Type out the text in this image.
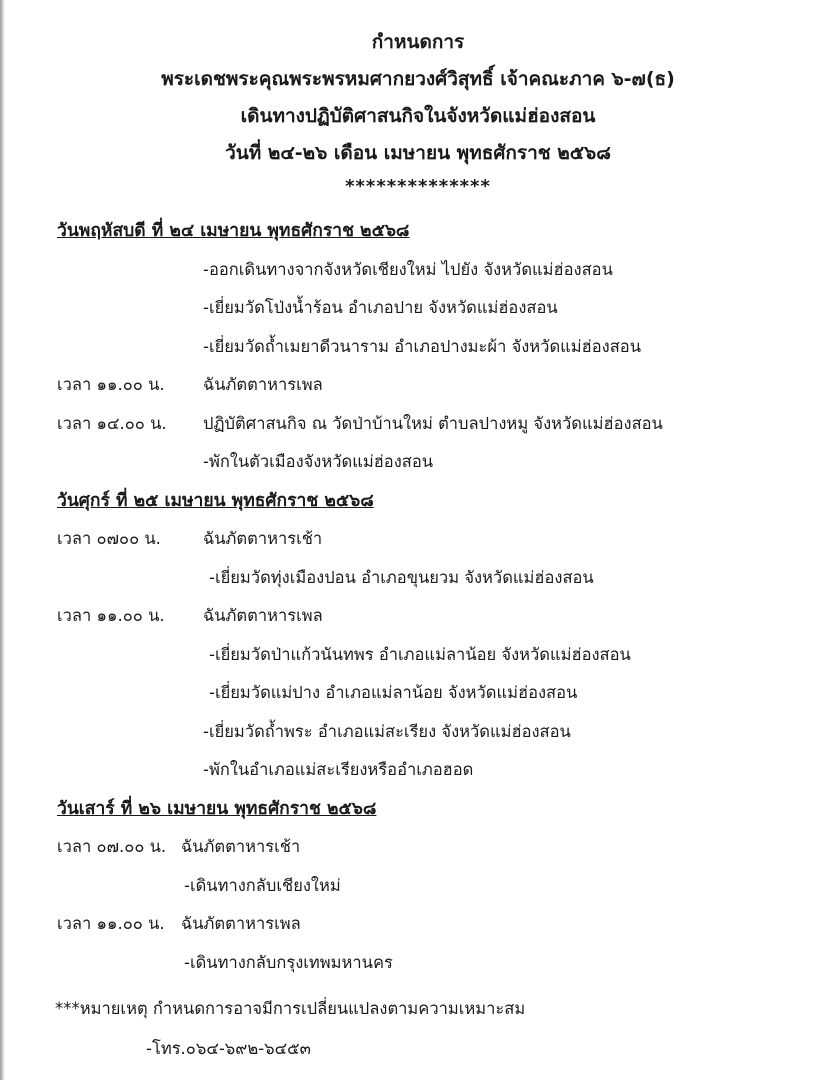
กำหนดการ
พระเดชพระคุณพระพรหมศากยวงศ์วิสุทธิ์ เจ้าคณะภาค ๖-๗(ธ)
เดินทางปฏิบัติศาสนกิจในจังหวัดแม่ฮ่องสอน
วันที่ ๒๔-๒๖ เดือน เมษายน พุทธศักราช ๒๕๖๘
**************
วันพฤหัสบดี ที่ ๒๔ เมษายน พุทธศักราช ๒๕๖๘
-ออกเดินทางจากจังหวัดเชียงใหม่ ไปยัง จังหวัดแม่ฮ่องสอน
-เยี่ยมวัดโป่งน้ำร้อน อำเภอปาย จังหวัดแม่ฮ่องสอน
-เยี่ยมวัดถ้ำเมยาดีวนาราม อำเภอปางมะผ้า จังหวัดแม่ฮ่องสอน
เวลา ๑๑.๐๐ น. ฉันภัตตาหารเพล
เวลา ๑๔.๐๐ น. ปฏิบัติศาสนกิจ ณ วัดป่าบ้านใหม่ ตำบลปางหมู จังหวัดแม่ฮ่องสอน
-พักในตัวเมืองจังหวัดแม่ฮ่องสอน
วันศุกร์ ที่ ๒๕ เมษายน พุทธศักราช ๒๕๖๘
เวลา ๐๗๐๐ น.	ฉันภัตตาหารเช้า
-เยี่ยมวัดทุ่งเมืองปอน อำเภอขุนยวม จังหวัดแม่ฮ่องสอน
เวลา ๑๑.๐๐ น. ฉันภัตตาหารเพล
-เยี่ยมวัดป่าแก้วนันทพร อำเภอแม่ลาน้อย จังหวัดแม่ฮ่องสอน
-เยี่ยมวัดแม่ปาง อำเภอแม่ลาน้อย จังหวัดแม่ฮ่องสอน
-เยี่ยมวัดถ้ำพระ อำเภอแม่สะเรียง จังหวัดแม่ฮ่องสอน
-พักในอำเภอแม่สะเรียงหรืออำเภอฮอด
วันเสาร์ ที่ ๒๖ เมษายน พุทธศักราช ๒๕๖๘
เวลา ๐๗.๐๐ น. ฉันภัตตาหารเช้า
-เดินทางกลับเชียงใหม่
เวลา ๑๑.๐๐ น. ฉันภัตตาหารเพล
-เดินทางกลับกรุงเทพมหานคร
***หมายเหตุ กำหนดการอาจมีการเปลี่ยนแปลงตามความเหมาะสม
-โทร.๐๖๔-๖๙๒-๖๔๕๓
